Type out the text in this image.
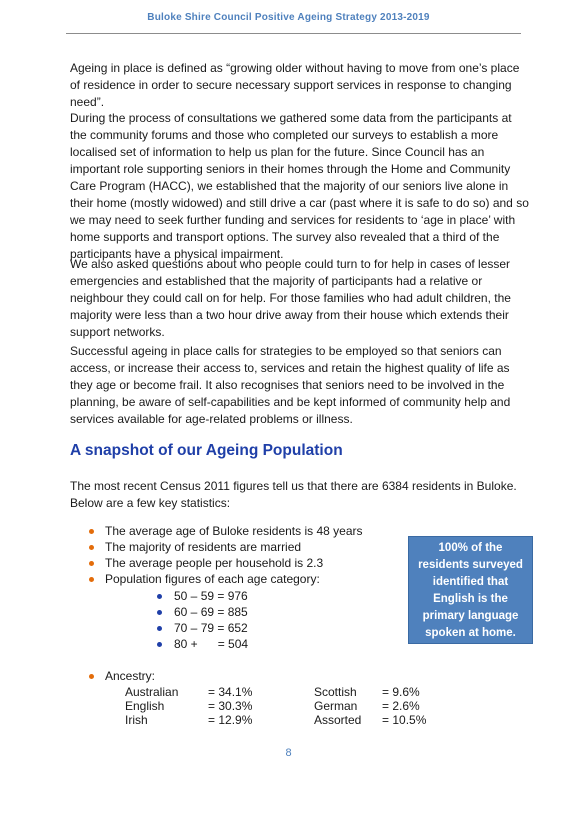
Buloke Shire Council Positive Ageing Strategy 2013-2019

Ageing in place is defined as “growing older without having to move from one’s place of residence in order to secure necessary support services in response to changing need”.

During the process of consultations we gathered some data from the participants at the community forums and those who completed our surveys to establish a more localised set of information to help us plan for the future. Since Council has an important role supporting seniors in their homes through the Home and Community Care Program (HACC), we established that the majority of our seniors live alone in their home (mostly widowed) and still drive a car (past where it is safe to do so) and so we may need to seek further funding and services for residents to ‘age in place’ with home supports and transport options. The survey also revealed that a third of the participants have a physical impairment.

We also asked questions about who people could turn to for help in cases of lesser emergencies and established that the majority of participants had a relative or neighbour they could call on for help. For those families who had adult children, the majority were less than a two hour drive away from their house which extends their support networks.

Successful ageing in place calls for strategies to be employed so that seniors can access, or increase their access to, services and retain the highest quality of life as they age or become frail. It also recognises that seniors need to be involved in the planning, be aware of self-capabilities and be kept informed of community help and services available for age-related problems or illness.

A snapshot of our Ageing Population

The most recent Census 2011 figures tell us that there are 6384 residents in Buloke. Below are a few key statistics:

The average age of Buloke residents is 48 years
The majority of residents are married
The average people per household is 2.3
Population figures of each age category:
50 – 59 = 976
60 – 69 = 885
70 – 79 = 652
80 +      = 504
100% of the residents surveyed identified that English is the primary language spoken at home.
Ancestry:
Australian = 34.1%
English	= 30.3%
Irish	= 12.9%
Scottish = 9.6%
German = 2.6%
Assorted = 10.5%
8
